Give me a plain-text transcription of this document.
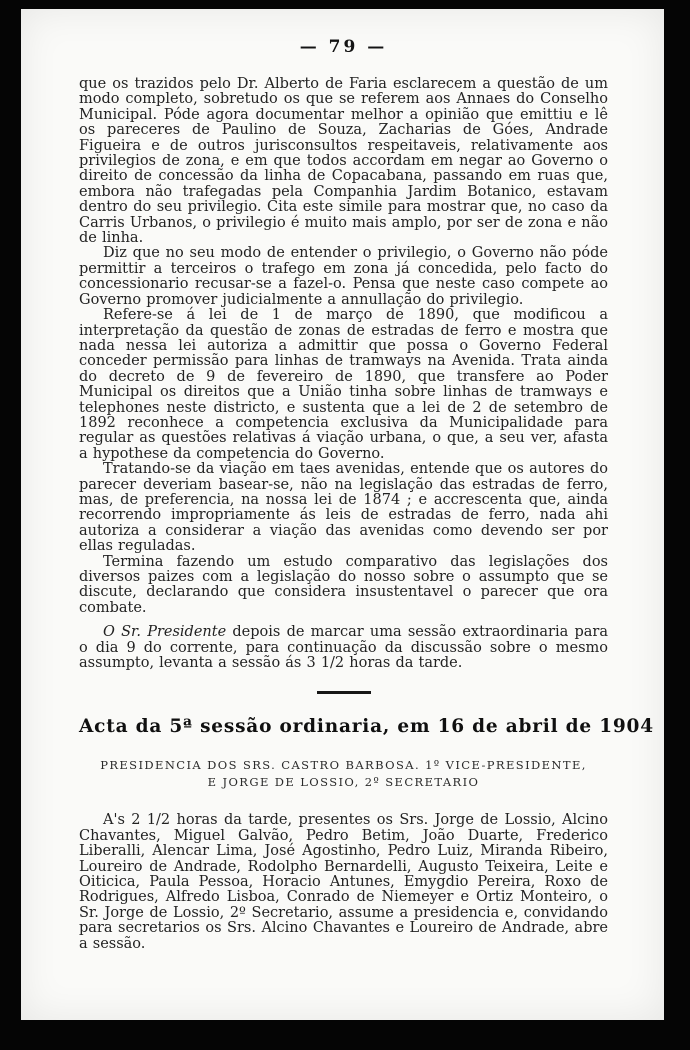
— 79 —

que os trazidos pelo Dr. Alberto de Faria esclarecem a questão de um modo completo, sobretudo os que se referem aos Annaes do Conselho Municipal. Póde agora documentar melhor a opinião que emittiu e lê os pareceres de Paulino de Souza, Zacharias de Góes, Andrade Figueira e de outros jurisconsultos respeitaveis, relativamente aos privilegios de zona, e em que todos accordam em negar ao Governo o direito de concessão da linha de Copacabana, passando em ruas que, embora não trafegadas pela Companhia Jardim Botanico, estavam dentro do seu privilegio. Cita este simile para mostrar que, no caso da Carris Urbanos, o privilegio é muito mais amplo, por ser de zona e não de linha.

Diz que no seu modo de entender o privilegio, o Governo não póde permittir a terceiros o trafego em zona já concedida, pelo facto do concessionario recusar-se a fazel-o. Pensa que neste caso compete ao Governo promover judicialmente a annullação do privilegio.

Refere-se á lei de 1 de março de 1890, que modificou a interpretação da questão de zonas de estradas de ferro e mostra que nada nessa lei autoriza a admittir que possa o Governo Federal conceder permissão para linhas de tramways na Avenida. Trata ainda do decreto de 9 de fevereiro de 1890, que transfere ao Poder Municipal os direitos que a União tinha sobre linhas de tramways e telephones neste districto, e sustenta que a lei de 2 de setembro de 1892 reconhece a competencia exclusiva da Municipalidade para regular as questões relativas á viação urbana, o que, a seu ver, afasta a hypothese da competencia do Governo.

Tratando-se da viação em taes avenidas, entende que os autores do parecer deveriam basear-se, não na legislação das estradas de ferro, mas, de preferencia, na nossa lei de 1874 ; e accrescenta que, ainda recorrendo impropriamente ás leis de estradas de ferro, nada ahi autoriza a considerar a viação das avenidas como devendo ser por ellas reguladas.

Termina fazendo um estudo comparativo das legislações dos diversos paizes com a legislação do nosso sobre o assumpto que se discute, declarando que considera insustentavel o parecer que ora combate.

O Sr. Presidente depois de marcar uma sessão extraordinaria para o dia 9 do corrente, para continuação da discussão sobre o mesmo assumpto, levanta a sessão ás 3 1/2 horas da tarde.

Acta da 5ª sessão ordinaria, em 16 de abril de 1904
PRESIDENCIA DOS SRS. CASTRO BARBOSA. 1º VICE-PRESIDENTE,
E JORGE DE LOSSIO, 2º SECRETARIO

A's 2 1/2 horas da tarde, presentes os Srs. Jorge de Lossio, Alcino Chavantes, Miguel Galvão, Pedro Betim, João Duarte, Frederico Liberalli, Alencar Lima, José Agostinho, Pedro Luiz, Miranda Ribeiro, Loureiro de Andrade, Rodolpho Bernardelli, Augusto Teixeira, Leite e Oiticica, Paula Pessoa, Horacio Antunes, Emygdio Pereira, Roxo de Rodrigues, Alfredo Lisboa, Conrado de Niemeyer e Ortiz Monteiro, o Sr. Jorge de Lossio, 2º Secretario, assume a presidencia e, convidando para secretarios os Srs. Alcino Chavantes e Loureiro de Andrade, abre a sessão.
